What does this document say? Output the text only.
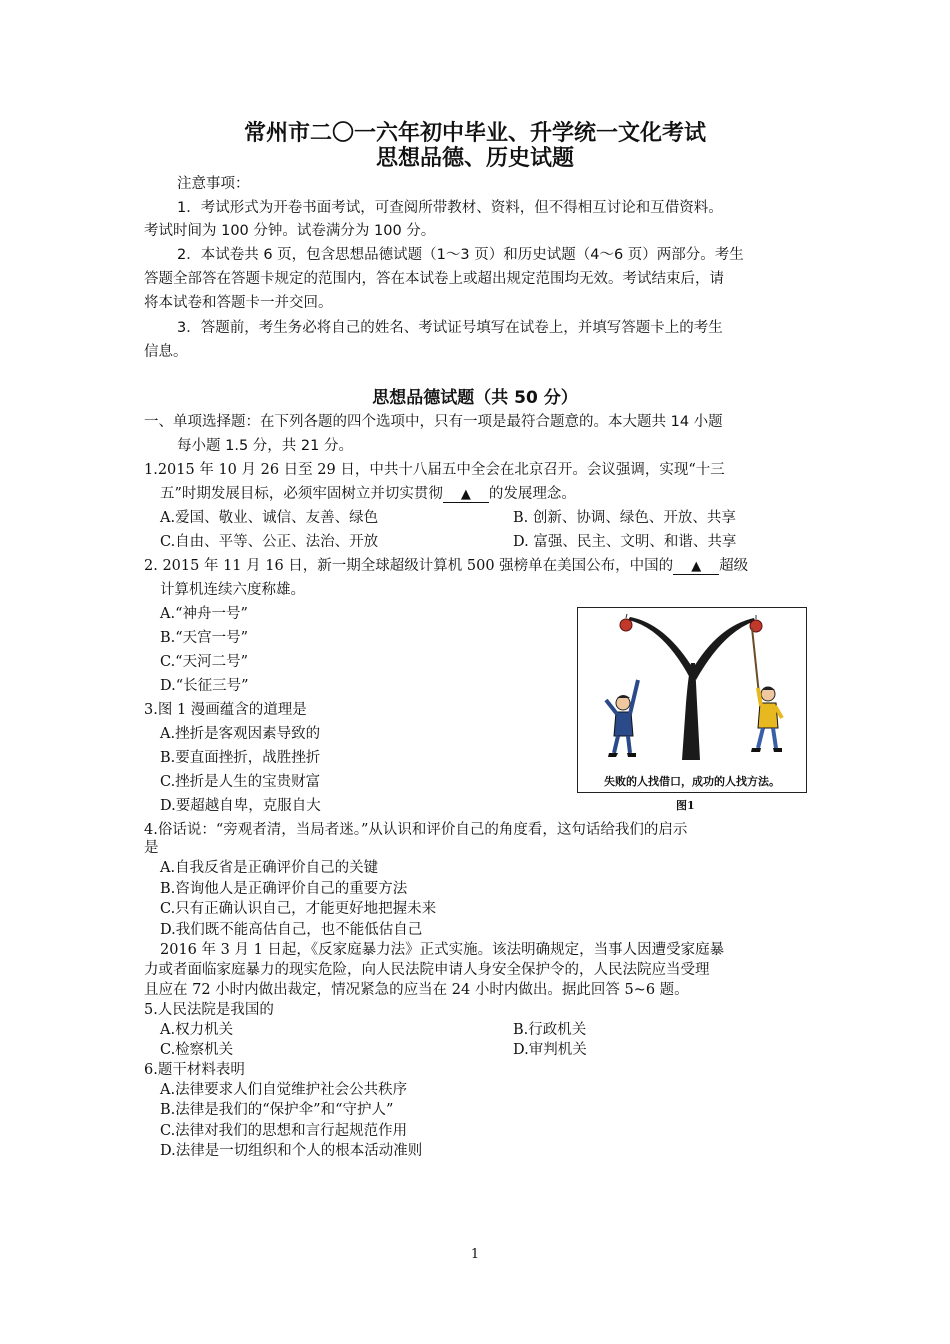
常州市二〇一六年初中毕业、升学统一文化考试
思想品德、历史试题
注意事项：
1．考试形式为开卷书面考试，可查阅所带教材、资料，但不得相互讨论和互借资料。
考试时间为 100 分钟。试卷满分为 100 分。
2．本试卷共 6 页，包含思想品德试题（1～3 页）和历史试题（4～6 页）两部分。考生
答题全部答在答题卡规定的范围内，答在本试卷上或超出规定范围均无效。考试结束后，请
将本试卷和答题卡一并交回。
3．答题前，考生务必将自己的姓名、考试证号填写在试卷上，并填写答题卡上的考生
信息。
思想品德试题（共 50 分）
一、单项选择题：在下列各题的四个选项中，只有一项是最符合题意的。本大题共 14 小题
每小题 1.5 分，共 21 分。
1.2015 年 10 月 26 日至 29 日，中共十八届五中全会在北京召开。会议强调，实现“十三
五”时期发展目标，必须牢固树立并切实贯彻 ▲ 的发展理念。
A.爱国、敬业、诚信、友善、绿色	B. 创新、协调、绿色、开放、共享
C.自由、平等、公正、法治、开放	D. 富强、民主、文明、和谐、共享
2. 2015 年 11 月 16 日，新一期全球超级计算机 500 强榜单在美国公布，中国的 ▲ 超级
计算机连续六度称雄。
A.“神舟一号”
B.“天宫一号”
C.“天河二号”
D.“长征三号”
3.图 1 漫画蕴含的道理是
A.挫折是客观因素导致的
B.要直面挫折，战胜挫折
C.挫折是人生的宝贵财富
D.要超越自卑，克服自大
失败的人找借口，成功的人找方法。
图1
4.俗话说：“旁观者清，当局者迷。”从认识和评价自己的角度看，这句话给我们的启示
是
A.自我反省是正确评价自己的关键
B.咨询他人是正确评价自己的重要方法
C.只有正确认识自己，才能更好地把握未来
D.我们既不能高估自己，也不能低估自己
2016 年 3 月 1 日起，《反家庭暴力法》正式实施。该法明确规定，当事人因遭受家庭暴
力或者面临家庭暴力的现实危险，向人民法院申请人身安全保护令的，人民法院应当受理
且应在 72 小时内做出裁定，情况紧急的应当在 24 小时内做出。据此回答 5~6 题。
5.人民法院是我国的
A.权力机关	B.行政机关
C.检察机关	D.审判机关
6.题干材料表明
A.法律要求人们自觉维护社会公共秩序
B.法律是我们的“保护伞”和“守护人”
C.法律对我们的思想和言行起规范作用
D.法律是一切组织和个人的根本活动准则
1
